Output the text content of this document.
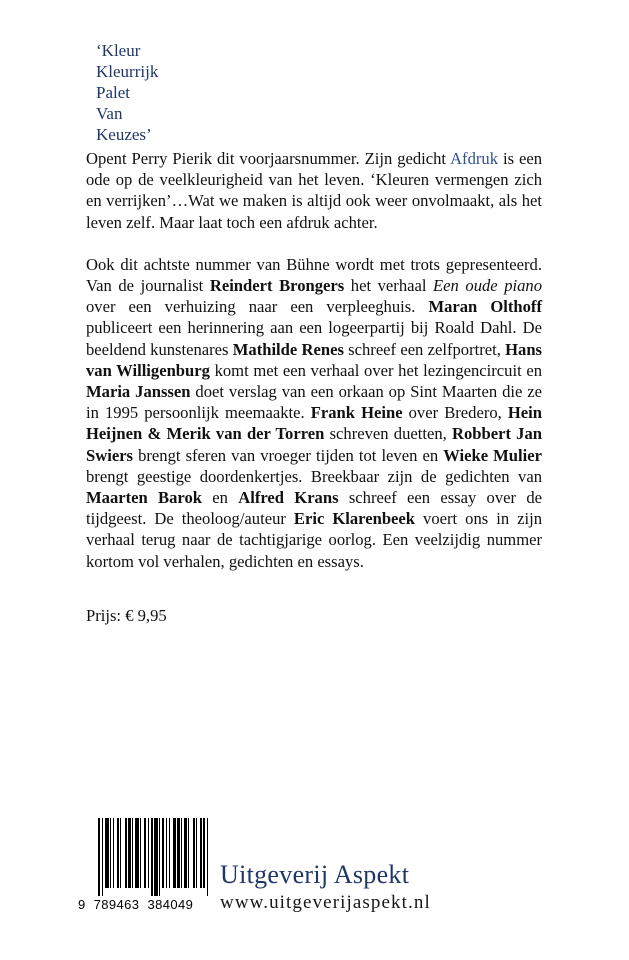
‘Kleur
Kleurrijk
Palet
Van
Keuzes’

Opent Perry Pierik dit voorjaarsnummer. Zijn gedicht Afdruk is een ode op de veelkleurigheid van het leven. ‘Kleuren vermengen zich en verrijken’…Wat we maken is altijd ook weer onvolmaakt, als het leven zelf. Maar laat toch een afdruk achter.

Ook dit achtste nummer van Bühne wordt met trots gepresenteerd. Van de journalist Reindert Brongers het verhaal Een oude piano over een verhuizing naar een verpleeghuis. Maran Olthoff publiceert een herinnering aan een logeerpartij bij Roald Dahl. De beeldend kunstenares Mathilde Renes schreef een zelfportret, Hans van Willigenburg komt met een verhaal over het lezingencircuit en Maria Janssen doet verslag van een orkaan op Sint Maarten die ze in 1995 persoonlijk meemaakte. Frank Heine over Bredero, Hein Heijnen & Merik van der Torren schreven duetten, Robbert Jan Swiers brengt sferen van vroeger tijden tot leven en Wieke Mulier brengt geestige doordenkertjes. Breekbaar zijn de gedichten van Maarten Barok en Alfred Krans schreef een essay over de tijdgeest. De theoloog/auteur Eric Klarenbeek voert ons in zijn verhaal terug naar de tachtigjarige oorlog. Een veelzijdig nummer kortom vol verhalen, gedichten en essays.

Prijs: € 9,95
9  789463  384049
Uitgeverij Aspekt
www.uitgeverijaspekt.nl
